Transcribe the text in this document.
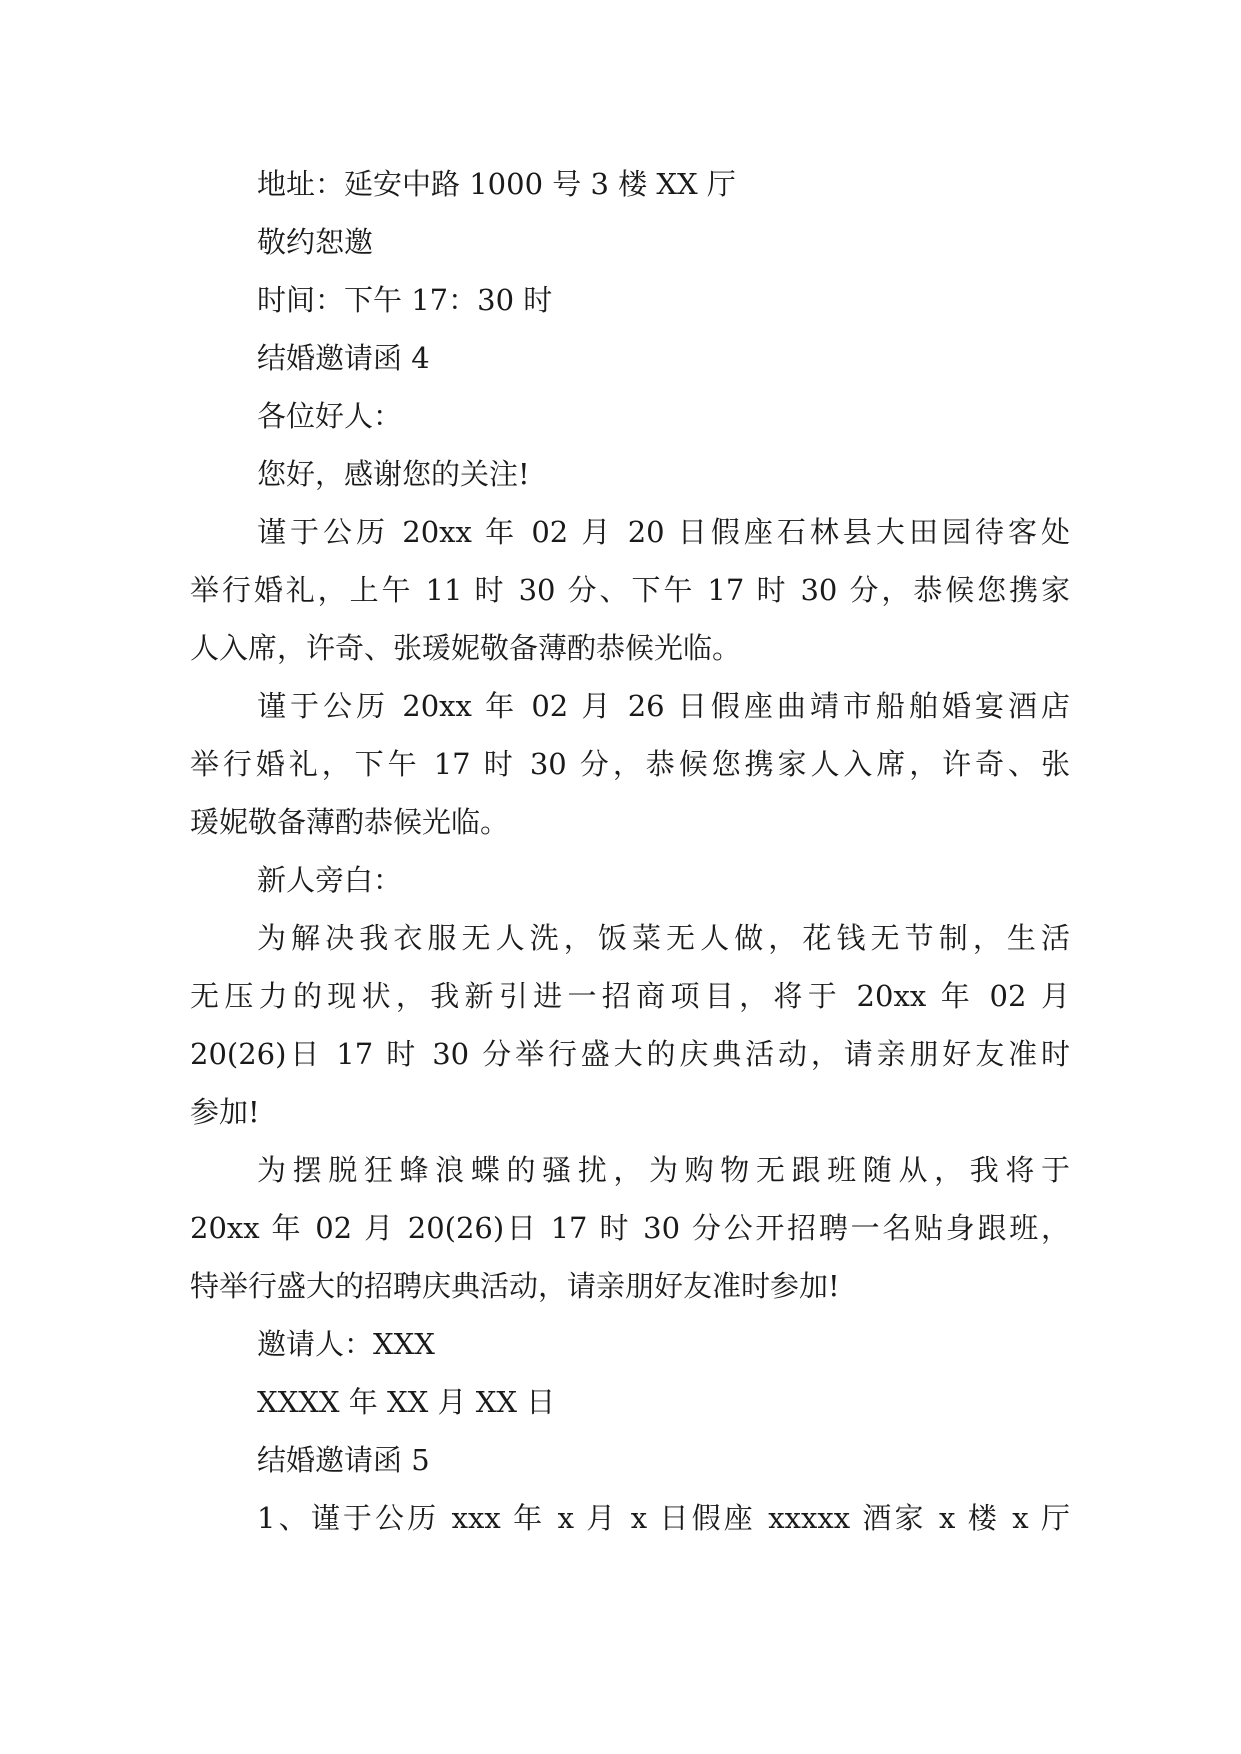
地址：延安中路 1000 号 3 楼 XX 厅
敬约恕邀
时间：下午 17：30 时
结婚邀请函 4
各位好人：
您好，感谢您的关注!
谨于公历 20xx 年 02 月 20 日假座石林县大田园待客处
举行婚礼，上午 11 时 30 分、下午 17 时 30 分，恭候您携家
人入席，许奇、张瑗妮敬备薄酌恭候光临。
谨于公历 20xx 年 02 月 26 日假座曲靖市船舶婚宴酒店
举行婚礼，下午 17 时 30 分，恭候您携家人入席，许奇、张
瑗妮敬备薄酌恭候光临。
新人旁白：
为解决我衣服无人洗，饭菜无人做，花钱无节制，生活
无压力的现状，我新引进一招商项目，将于 20xx 年 02 月
20(26)日 17 时 30 分举行盛大的庆典活动，请亲朋好友准时
参加!
为摆脱狂蜂浪蝶的骚扰，为购物无跟班随从，我将于
20xx 年 02 月 20(26)日 17 时 30 分公开招聘一名贴身跟班，
特举行盛大的招聘庆典活动，请亲朋好友准时参加!
邀请人：XXX
XXXX 年 XX 月 XX 日
结婚邀请函 5
1、谨于公历 xxx 年 x 月 x 日假座 xxxxx 酒家 x 楼 x 厅
